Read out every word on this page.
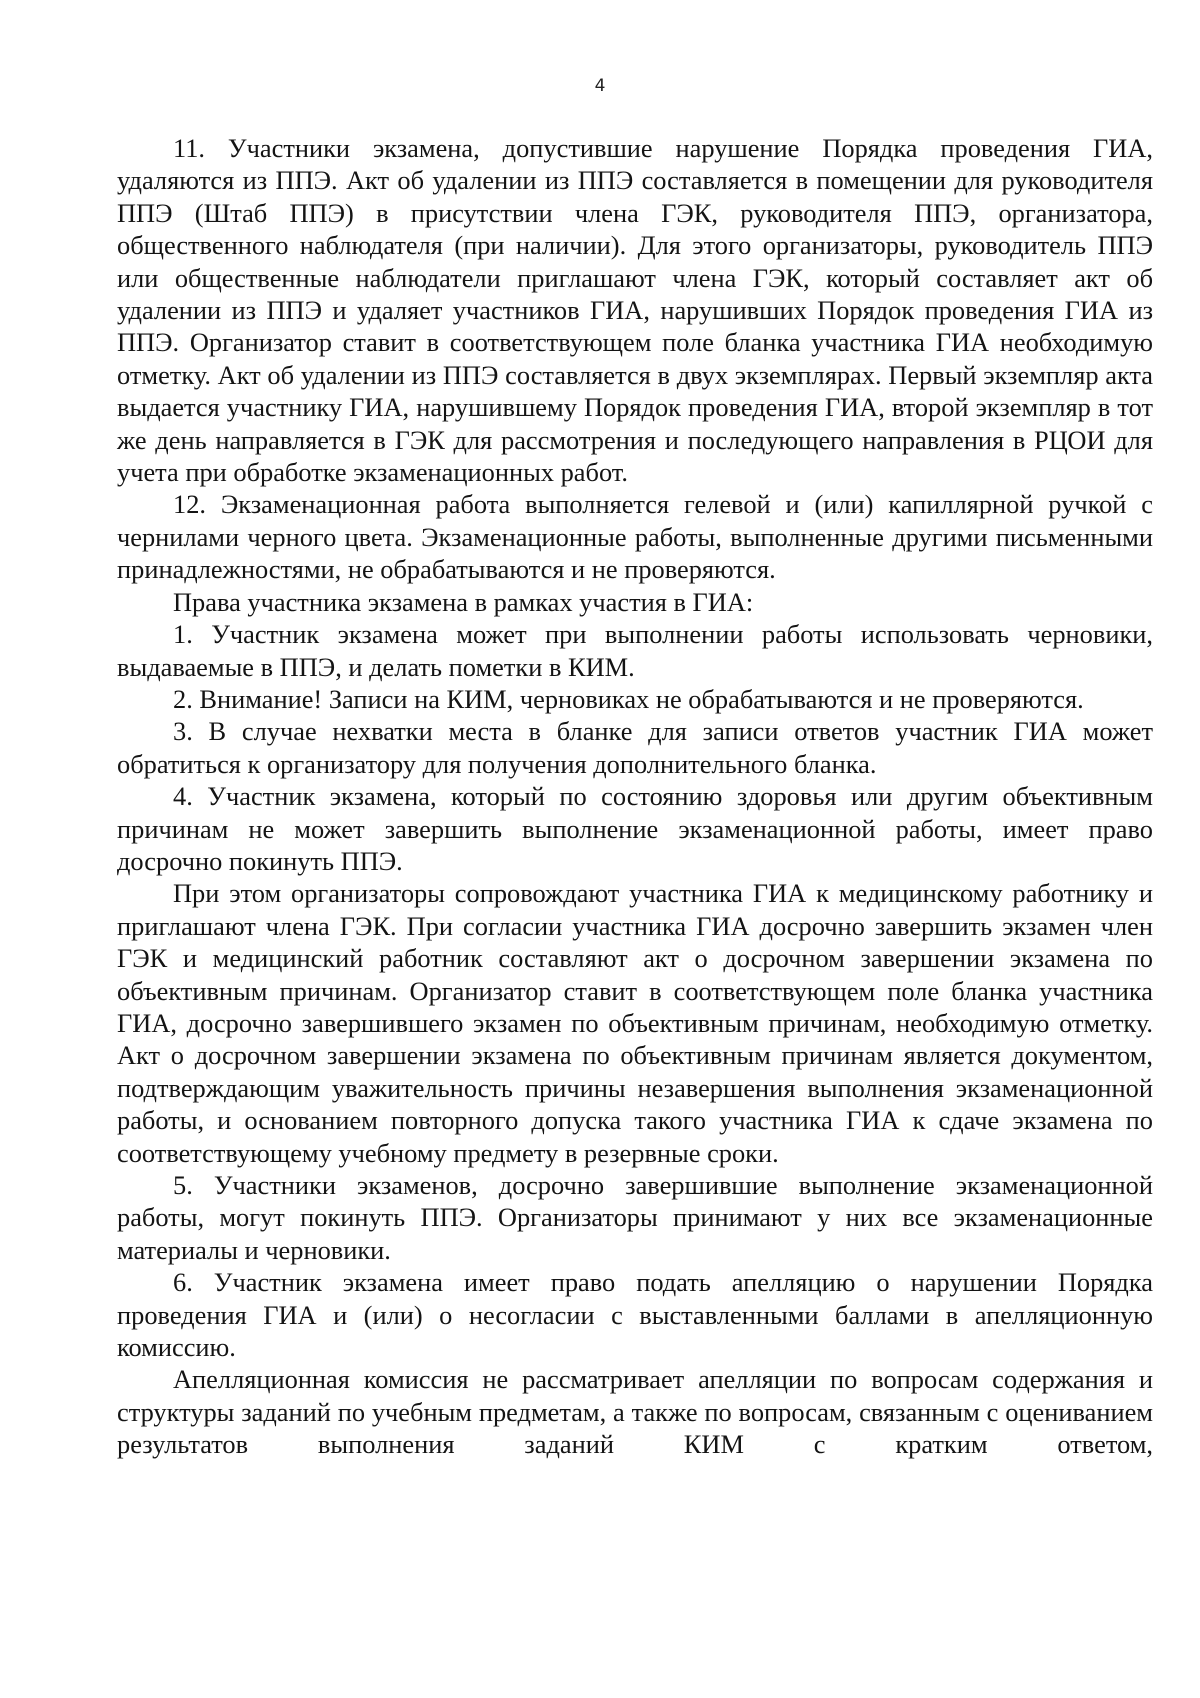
4

11. Участники экзамена, допустившие нарушение Порядка проведения ГИА, удаляются из ППЭ. Акт об удалении из ППЭ составляется в помещении для руководителя ППЭ (Штаб ППЭ) в присутствии члена ГЭК, руководителя ППЭ, организатора, общественного наблюдателя (при наличии). Для этого организаторы, руководитель ППЭ или общественные наблюдатели приглашают члена ГЭК, который составляет акт об удалении из ППЭ и удаляет участников ГИА, нарушивших Порядок проведения ГИА из ППЭ. Организатор ставит в соответствующем поле бланка участника ГИА необходимую отметку. Акт об удалении из ППЭ составляется в двух экземплярах. Первый экземпляр акта выдается участнику ГИА, нарушившему Порядок проведения ГИА, второй экземпляр в тот же день направляется в ГЭК для рассмотрения и последующего направления в РЦОИ для учета при обработке экзаменационных работ.

12. Экзаменационная работа выполняется гелевой и (или) капиллярной ручкой с чернилами черного цвета. Экзаменационные работы, выполненные другими письменными принадлежностями, не обрабатываются и не проверяются.

Права участника экзамена в рамках участия в ГИА:

1. Участник экзамена может при выполнении работы использовать черновики, выдаваемые в ППЭ, и делать пометки в КИМ.

2. Внимание! Записи на КИМ, черновиках не обрабатываются и не проверяются.

3. В случае нехватки места в бланке для записи ответов участник ГИА может обратиться к организатору для получения дополнительного бланка.

4. Участник экзамена, который по состоянию здоровья или другим объективным причинам не может завершить выполнение экзаменационной работы, имеет право досрочно покинуть ППЭ.

При этом организаторы сопровождают участника ГИА к медицинскому работнику и приглашают члена ГЭК. При согласии участника ГИА досрочно завершить экзамен член ГЭК и медицинский работник составляют акт о досрочном завершении экзамена по объективным причинам. Организатор ставит в соответствующем поле бланка участника ГИА, досрочно завершившего экзамен по объективным причинам, необходимую отметку. Акт о досрочном завершении экзамена по объективным причинам является документом, подтверждающим уважительность причины незавершения выполнения экзаменационной работы, и основанием повторного допуска такого участника ГИА к сдаче экзамена по соответствующему учебному предмету в резервные сроки.

5. Участники экзаменов, досрочно завершившие выполнение экзаменационной работы, могут покинуть ППЭ. Организаторы принимают у них все экзаменационные материалы и черновики.

6. Участник экзамена имеет право подать апелляцию о нарушении Порядка проведения ГИА и (или) о несогласии с выставленными баллами в апелляционную комиссию.

Апелляционная комиссия не рассматривает апелляции по вопросам содержания и структуры заданий по учебным предметам, а также по вопросам, связанным с оцениванием результатов выполнения заданий КИМ с кратким ответом,
